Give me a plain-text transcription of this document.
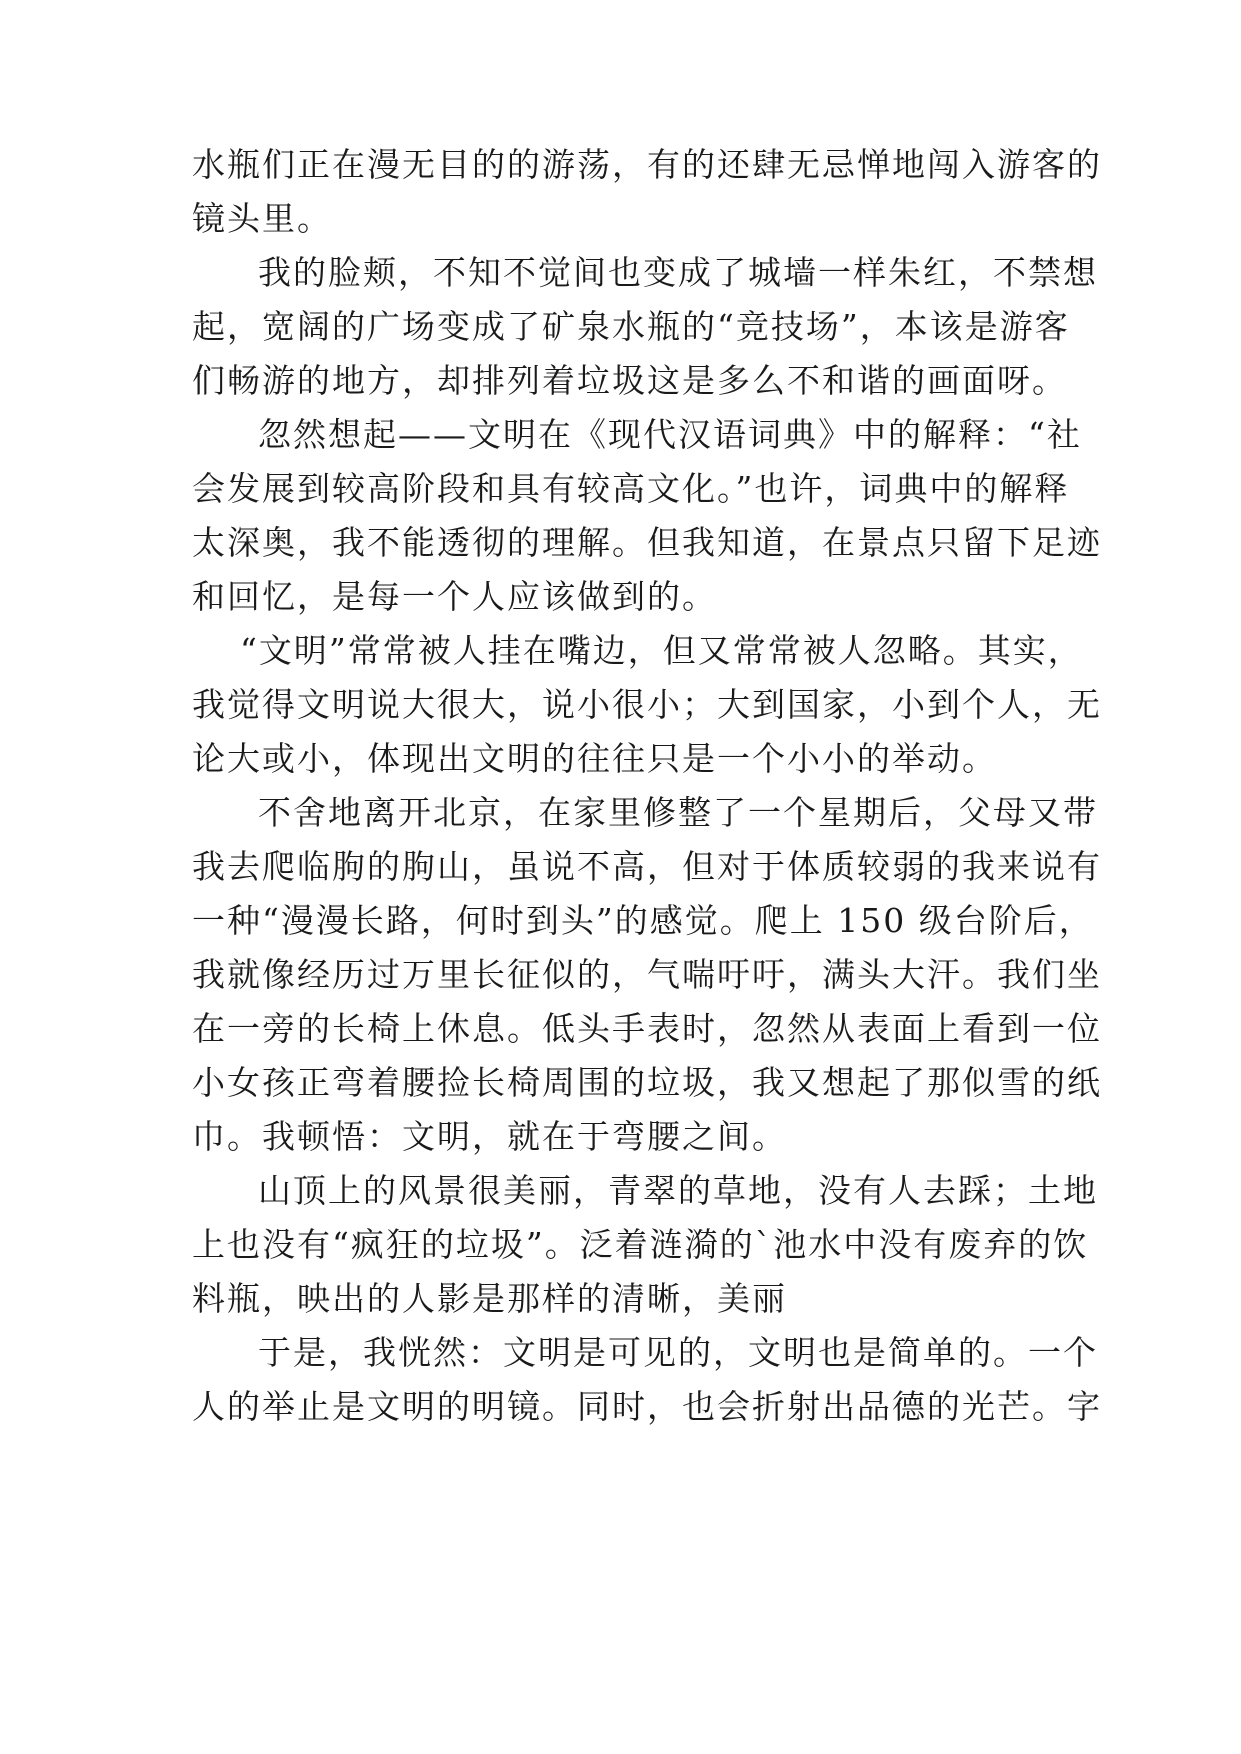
水瓶们正在漫无目的的游荡，有的还肆无忌惮地闯入游客的
镜头里。
我的脸颊，不知不觉间也变成了城墙一样朱红，不禁想
起，宽阔的广场变成了矿泉水瓶的“竞技场”，本该是游客
们畅游的地方，却排列着垃圾这是多么不和谐的画面呀。
忽然想起——文明在《现代汉语词典》中的解释：“社
会发展到较高阶段和具有较高文化。”也许，词典中的解释
太深奥，我不能透彻的理解。但我知道，在景点只留下足迹
和回忆，是每一个人应该做到的。
“文明”常常被人挂在嘴边，但又常常被人忽略。其实，
我觉得文明说大很大，说小很小；大到国家，小到个人，无
论大或小，体现出文明的往往只是一个小小的举动。
不舍地离开北京，在家里修整了一个星期后，父母又带
我去爬临朐的朐山，虽说不高，但对于体质较弱的我来说有
一种“漫漫长路，何时到头”的感觉。爬上 150 级台阶后，
我就像经历过万里长征似的，气喘吁吁，满头大汗。我们坐
在一旁的长椅上休息。低头手表时，忽然从表面上看到一位
小女孩正弯着腰捡长椅周围的垃圾，我又想起了那似雪的纸
巾。我顿悟：文明，就在于弯腰之间。
山顶上的风景很美丽，青翠的草地，没有人去踩；土地
上也没有“疯狂的垃圾”。泛着涟漪的`池水中没有废弃的饮
料瓶，映出的人影是那样的清晰，美丽
于是，我恍然：文明是可见的，文明也是简单的。一个
人的举止是文明的明镜。同时，也会折射出品德的光芒。字
